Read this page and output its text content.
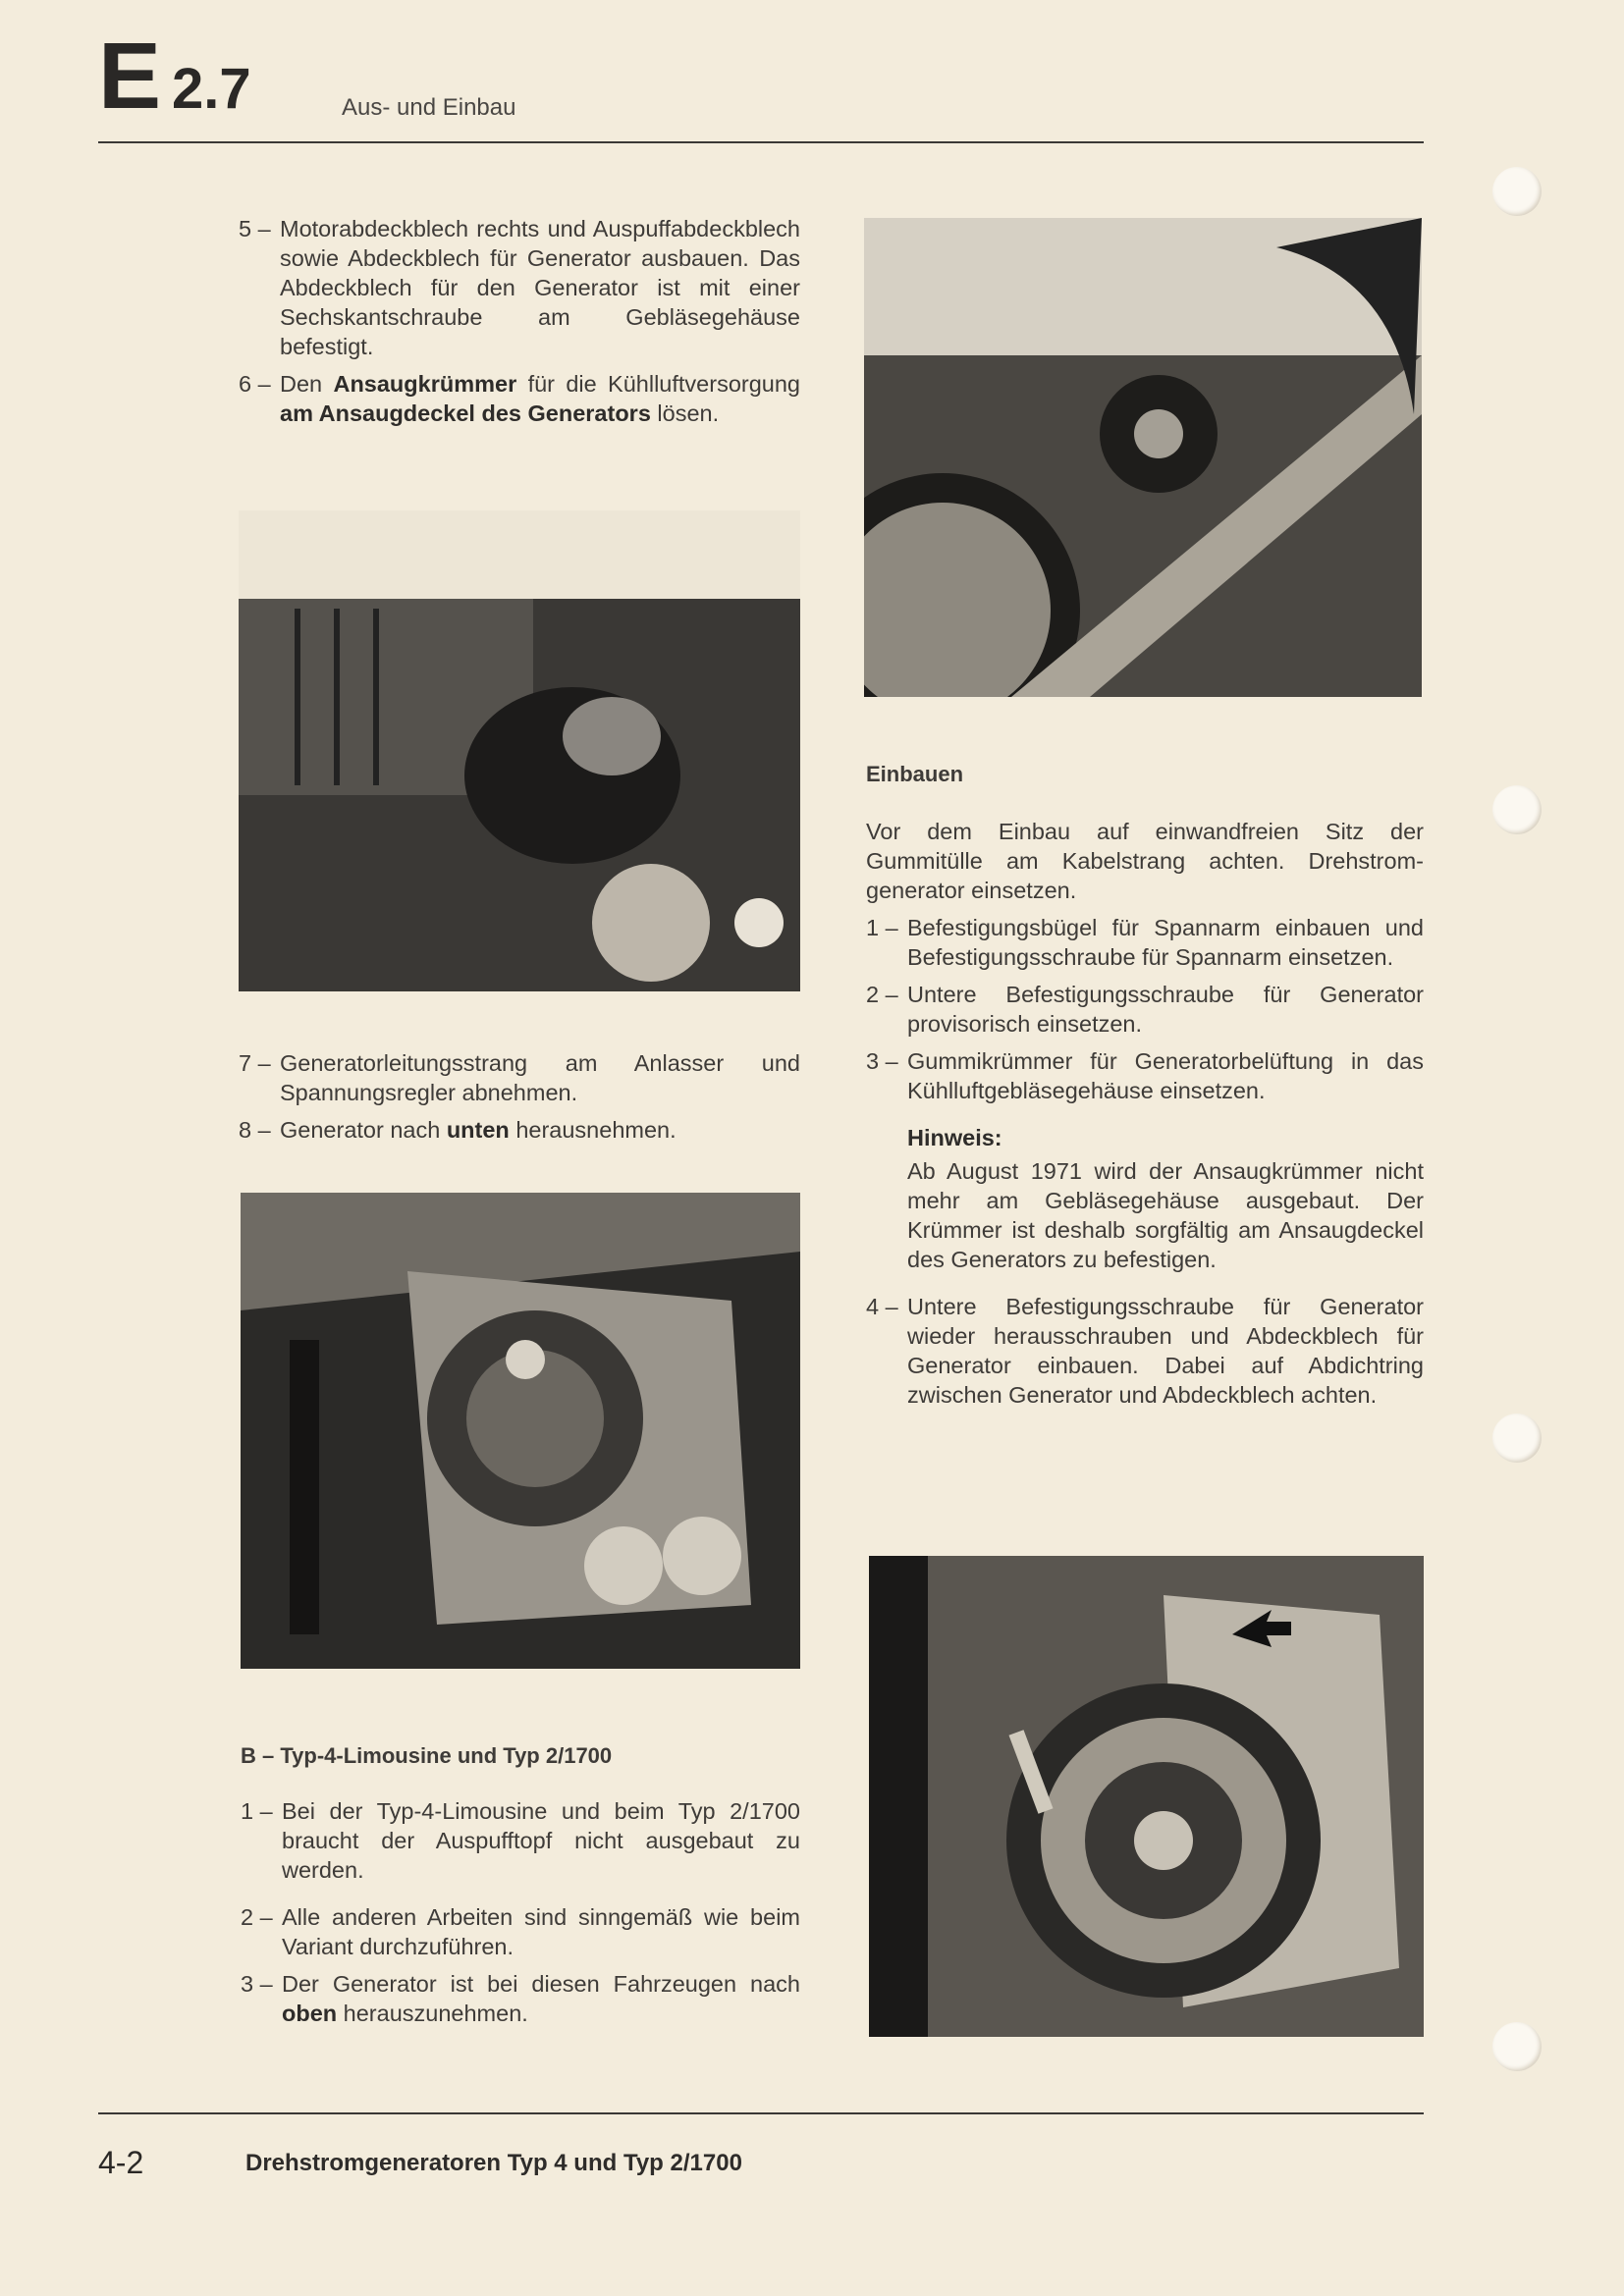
E 2.7	Aus- und Einbau
5 – Motorabdeckblech rechts und Auspuffabdeckblech sowie Abdeckblech für Generator ausbauen. Das Abdeckblech für den Generator ist mit einer Sechskantschraube am Gebläsegehäuse befestigt.
6 – Den Ansaugkrümmer für die Kühlluftversorgung am Ansaugdeckel des Generators lösen.
7 – Generatorleitungsstrang am Anlasser und Spannungsregler abnehmen.
8 – Generator nach unten herausnehmen.
B – Typ-4-Limousine und Typ 2/1700
1 – Bei der Typ-4-Limousine und beim Typ 2/1700 braucht der Auspufftopf nicht ausgebaut zu werden.
2 – Alle anderen Arbeiten sind sinngemäß wie beim Variant durchzuführen.
3 – Der Generator ist bei diesen Fahrzeugen nach oben herauszunehmen.
Einbauen
Vor dem Einbau auf einwandfreien Sitz der Gummitülle am Kabelstrang achten. Drehstromgenerator einsetzen.
1 – Befestigungsbügel für Spannarm einbauen und Befestigungsschraube für Spannarm einsetzen.
2 – Untere Befestigungsschraube für Generator provisorisch einsetzen.
3 – Gummikrümmer für Generatorbelüftung in das Kühlluftgebläsegehäuse einsetzen.
Hinweis:
Ab August 1971 wird der Ansaugkrümmer nicht mehr am Gebläsegehäuse ausgebaut. Der Krümmer ist deshalb sorgfältig am Ansaugdeckel des Generators zu befestigen.
4 – Untere Befestigungsschraube für Generator wieder herausschrauben und Abdeckblech für Generator einbauen. Dabei auf Abdichtring zwischen Generator und Abdeckblech achten.
4-2	Drehstromgeneratoren Typ 4 und Typ 2/1700
